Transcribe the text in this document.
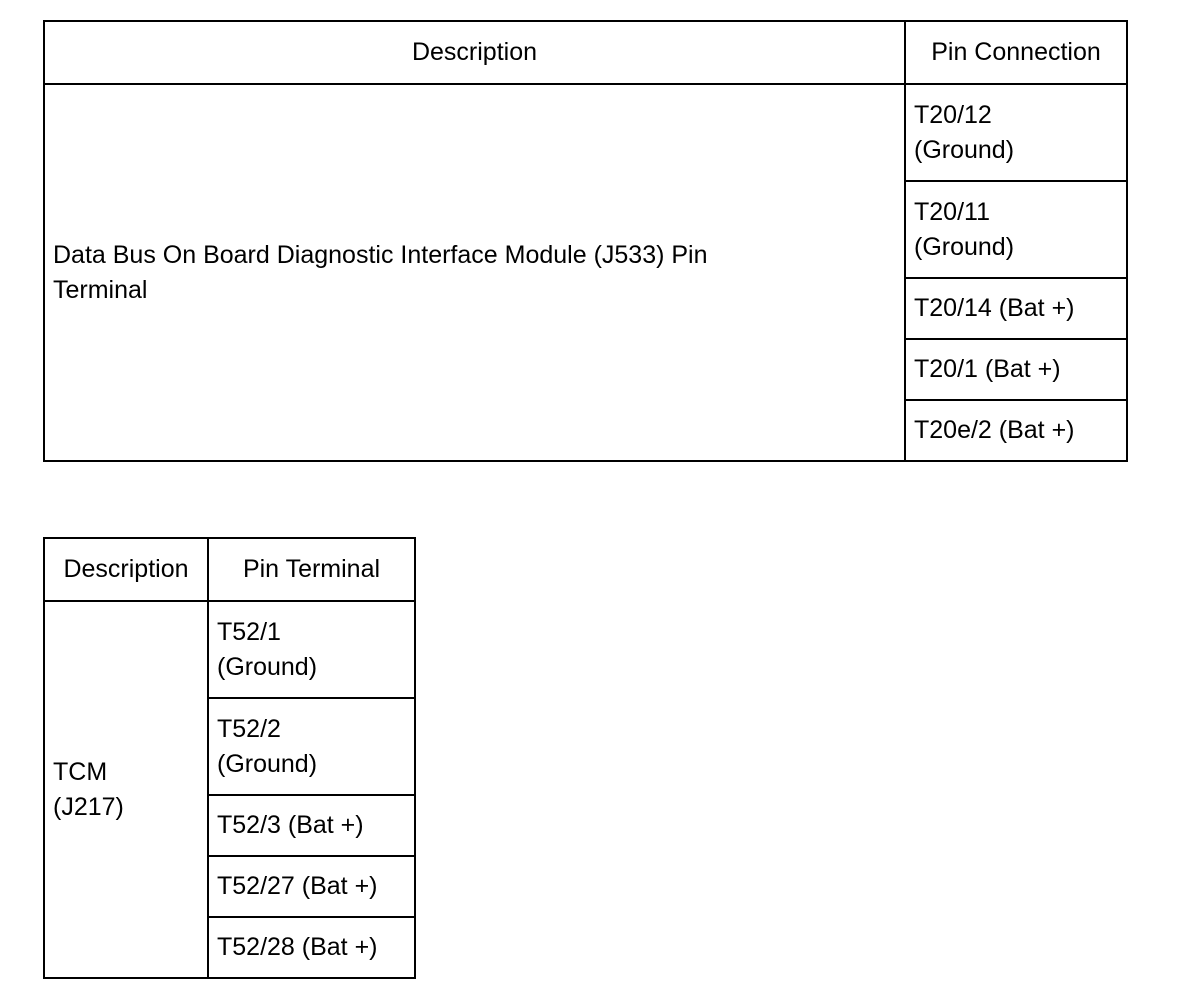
Description	Pin Connection

Data Bus On Board Diagnostic Interface Module (J533) Pin
Terminal	T20/12
(Ground)

	T20/11
(Ground)

	T20/14 (Bat +)
	T20/1 (Bat +)
	T20e/2 (Bat +)
Description	Pin Terminal

TCM
(J217)	T52/1
(Ground)

	T52/2
(Ground)

	T52/3 (Bat +)
	T52/27 (Bat +)
	T52/28 (Bat +)
